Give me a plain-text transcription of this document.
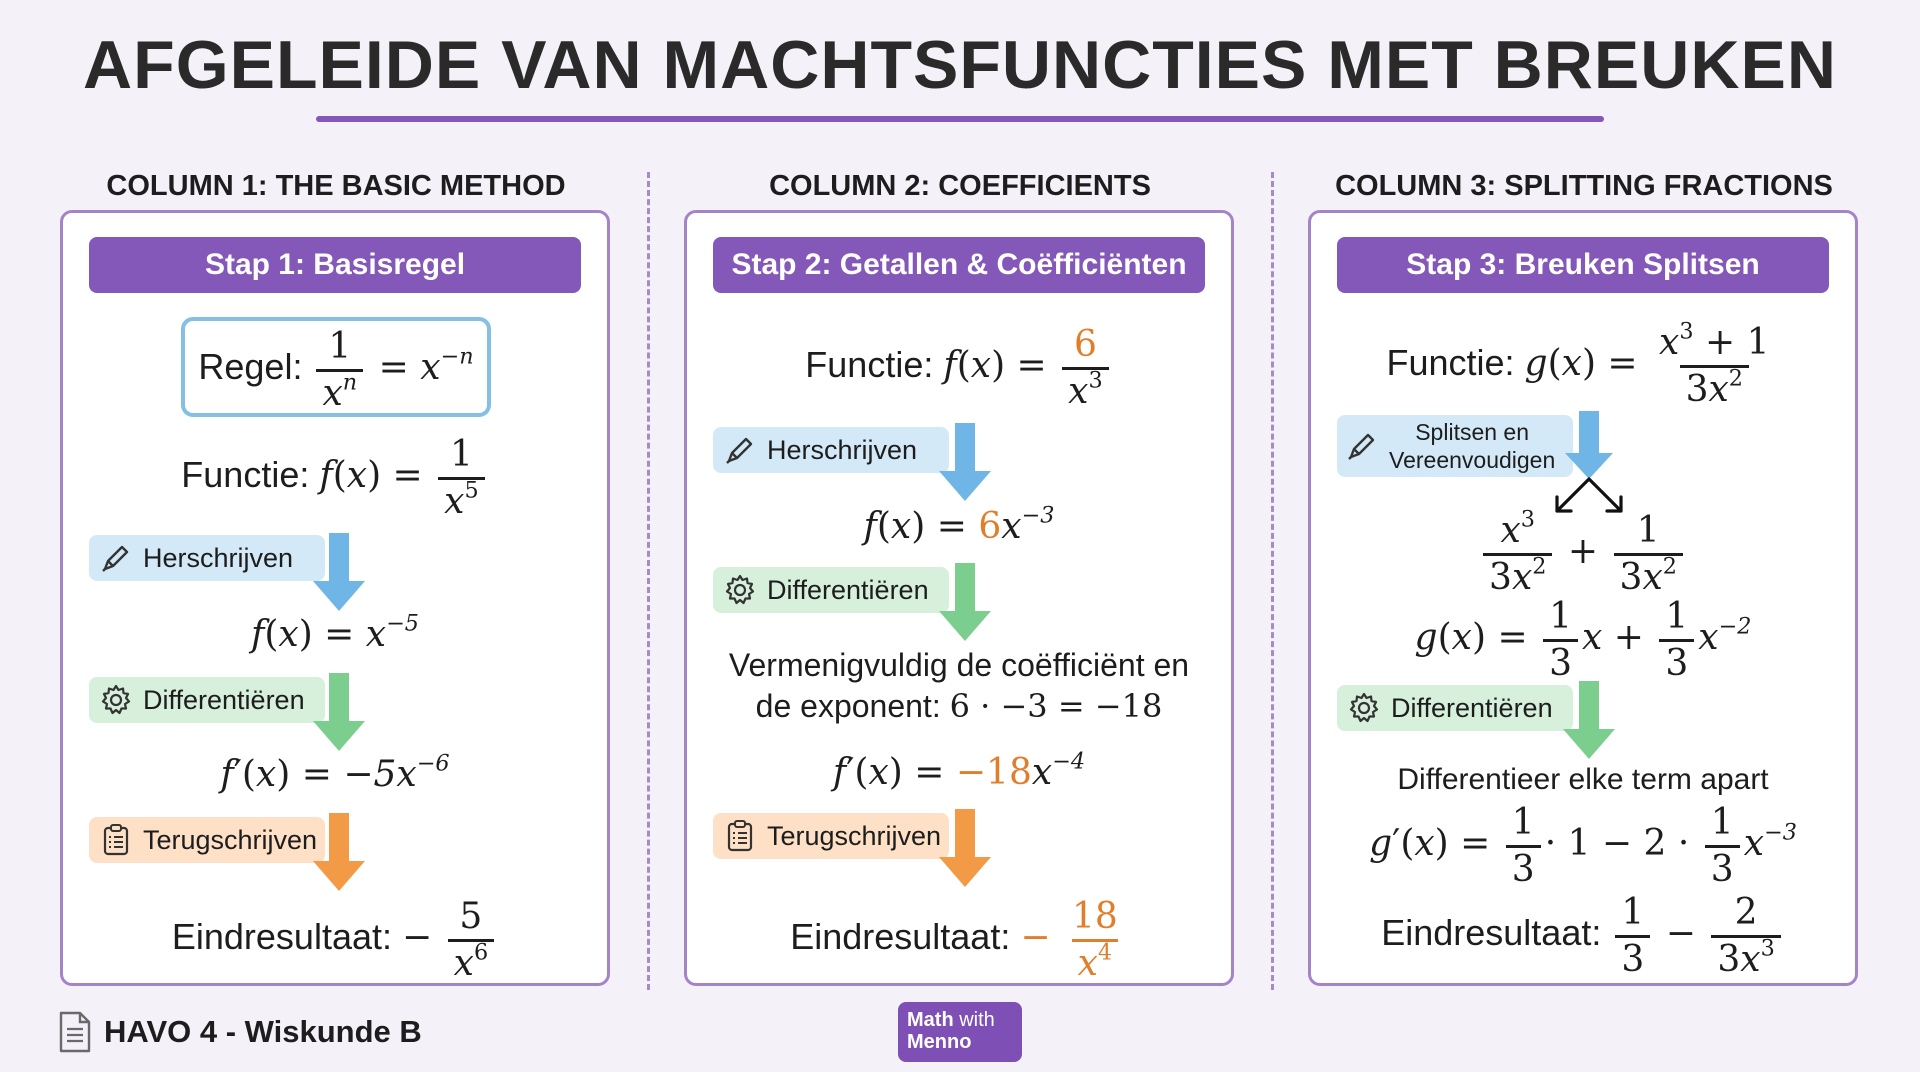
AFGELEIDE VAN MACHTSFUNCTIES MET BREUKEN
COLUMN 1: THE BASIC METHOD	COLUMN 2: COEFFICIENTS	COLUMN 3: SPLITTING FRACTIONS
Stap 1: Basisregel
Regel: $\frac{1}{x^n} = x^{-n}$
Functie: $f(x) = \frac{1}{x^5}$
Herschrijven
$f(x) = x^{-5}$
Differentiëren
$f'(x) = -5x^{-6}$
Terugschrijven
Eindresultaat: − $\frac{5}{x^6}$
Stap 2: Getallen & Coëfficiënten
Functie: $f(x) = \frac{6}{x^3}$
Herschrijven
$f(x) = 6x^{-3}$
Differentiëren
Vermenigvuldig de coëfficiënt en
de exponent: 6 · −3 = −18
$f'(x) = -18x^{-4}$
Terugschrijven
Eindresultaat: − $\frac{18}{x^4}$
Stap 3: Breuken Splitsen
Functie: $g(x) = \frac{x^3 + 1}{3x^2}$
Splitsen en
Vereenvoudigen
$\frac{x^3}{3x^2} + \frac{1}{3x^2}$
$g(x) = \frac{1}{3}$ $x + \frac{1}{3} x^{-2}$
Differentiëren
Differentieer elke term apart
$g'(x) = \frac{1}{3} \cdot 1 - 2 \cdot \frac{1}{3} x^{-3}$
Eindresultaat: $\frac{1}{3} - \frac{2}{3x^3}$
HAVO 4 - Wiskunde B	Math with
Menno
